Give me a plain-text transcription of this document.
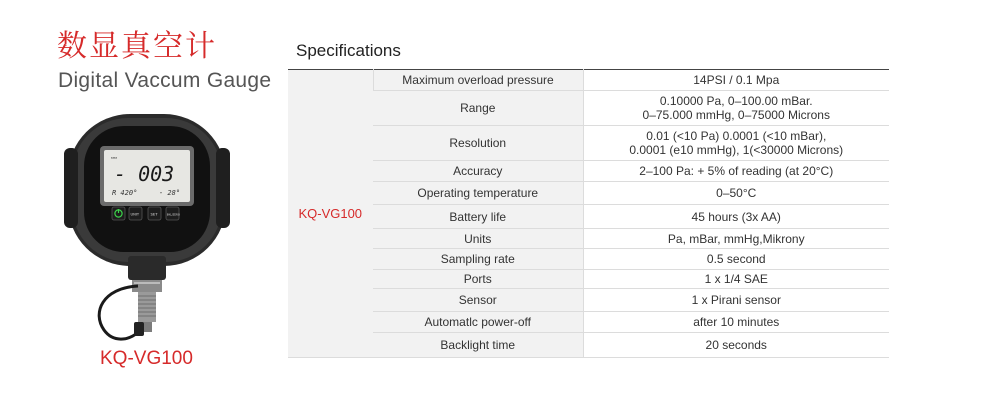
数显真空计
Digital Vaccum Gauge
▭▭
- 003
R 420°	- 28°
UNIT	SET	BKL/ZERO
KQ-VG100
Specifications
KQ-VG100	Maximum overload pressure	14PSI / 0.1 Mpa
	Range	0.10000 Pa, 0–100.00 mBar.
0–75.000 mmHg, 0–75000 Microns

	Resolution	0.01 (<10 Pa) 0.0001 (<10 mBar),
0.0001 (e10 mmHg), 1(<30000 Microns)

	Accuracy	2–100 Pa: + 5% of reading (at 20°C)
	Operating temperature	0–50°C
	Battery life	45 hours (3x AA)
	Units	Pa, mBar, mmHg,Mikrony
	Sampling rate	0.5 second
	Ports	1 x 1/4 SAE
	Sensor	1 x Pirani sensor
	Automatlc power-off	after 10 minutes
	Backlight time	20 seconds
